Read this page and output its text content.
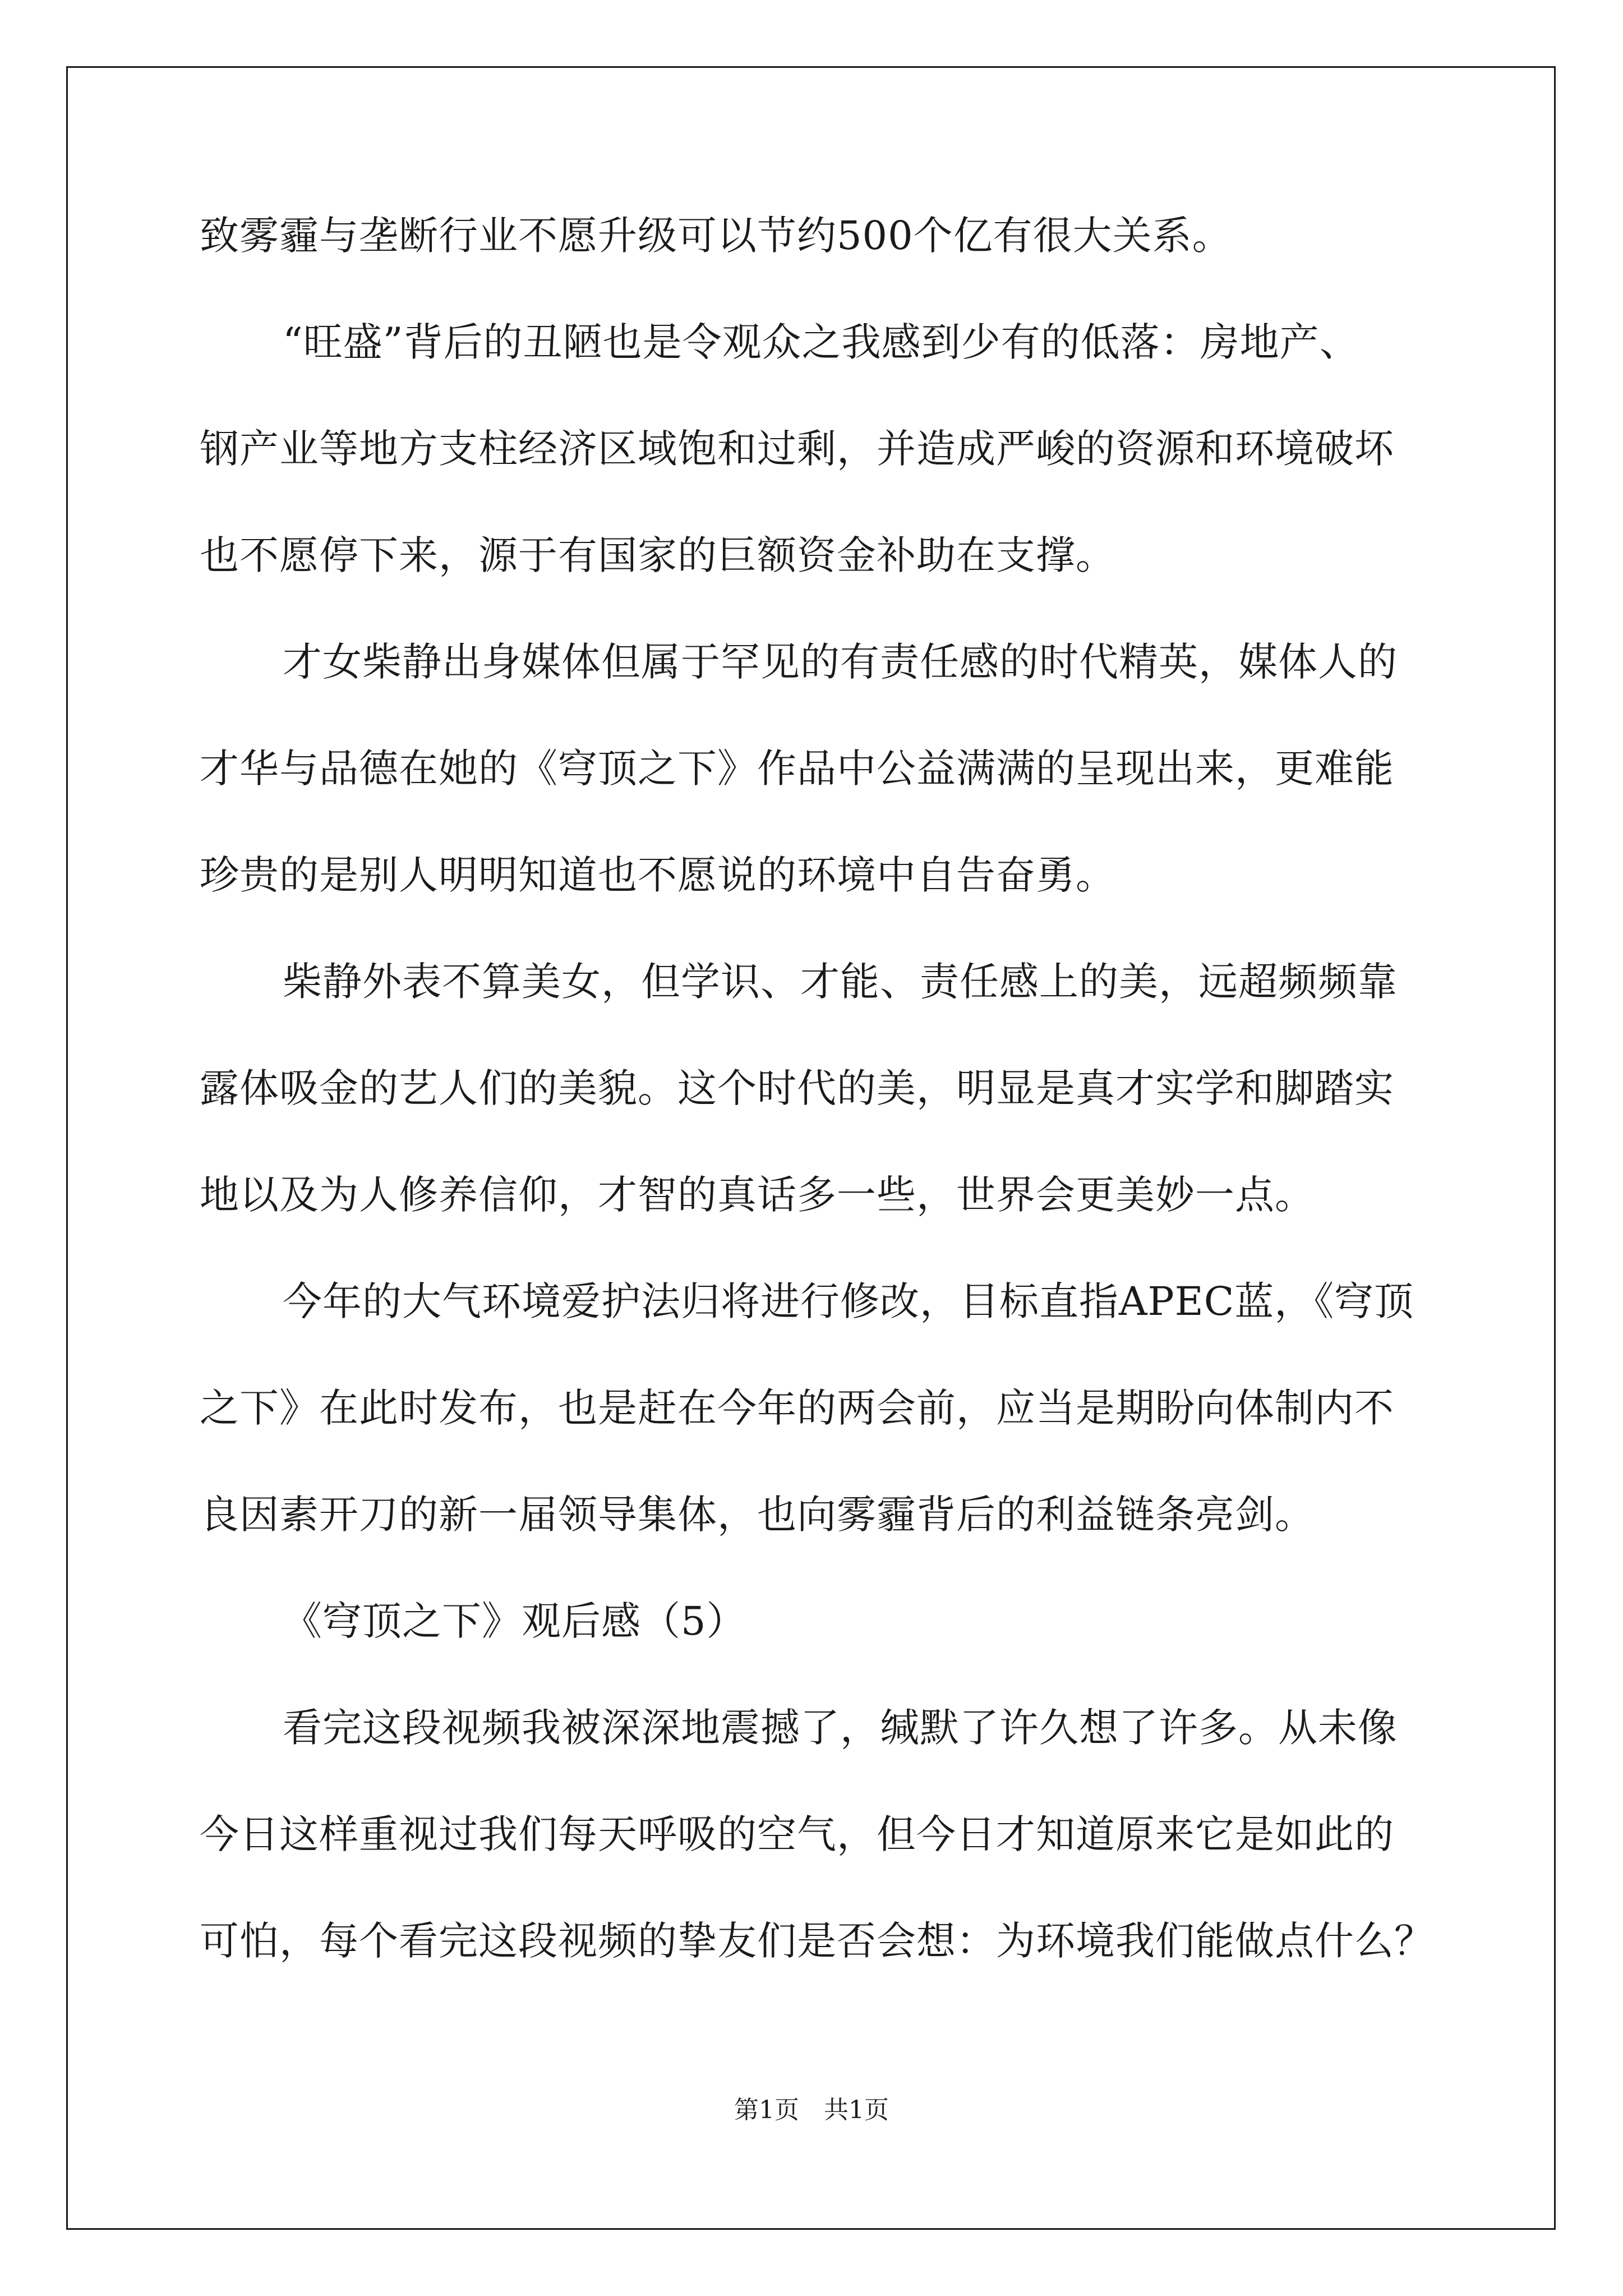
致雾霾与垄断行业不愿升级可以节约500个亿有很大关系。
“旺盛”背后的丑陋也是令观众之我感到少有的低落：房地产、
钢产业等地方支柱经济区域饱和过剩，并造成严峻的资源和环境破坏
也不愿停下来，源于有国家的巨额资金补助在支撑。
才女柴静出身媒体但属于罕见的有责任感的时代精英，媒体人的
才华与品德在她的《穹顶之下》作品中公益满满的呈现出来，更难能
珍贵的是别人明明知道也不愿说的环境中自告奋勇。
柴静外表不算美女，但学识、才能、责任感上的美，远超频频靠
露体吸金的艺人们的美貌。这个时代的美，明显是真才实学和脚踏实
地以及为人修养信仰，才智的真话多一些，世界会更美妙一点。
今年的大气环境爱护法归将进行修改，目标直指APEC蓝，《穹顶
之下》在此时发布，也是赶在今年的两会前，应当是期盼向体制内不
良因素开刀的新一届领导集体，也向雾霾背后的利益链条亮剑。
《穹顶之下》观后感（5）
看完这段视频我被深深地震撼了，缄默了许久想了许多。从未像
今日这样重视过我们每天呼吸的空气，但今日才知道原来它是如此的
可怕，每个看完这段视频的挚友们是否会想：为环境我们能做点什么？
第1页　共1页
